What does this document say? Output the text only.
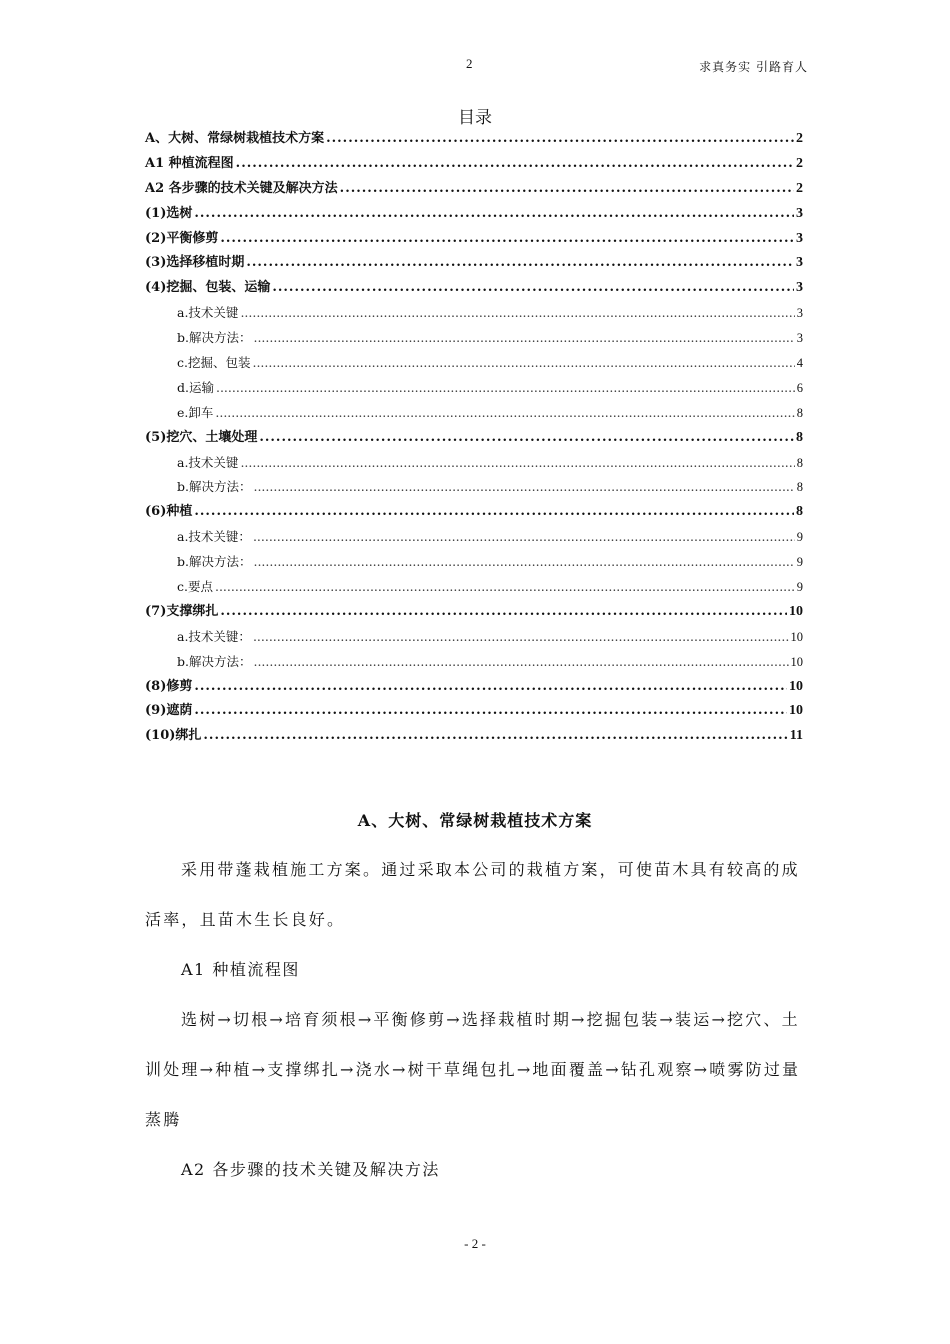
2	求真务实 引路育人
目录
A、大树、常绿树栽植技术方案 .....	2
A1 种植流程图 .....	2
A2 各步骤的技术关键及解决方法 .....	2
(1)选树 .....	3
(2)平衡修剪 .....	3
(3)选择移植时期 .....	3
(4)挖掘、包装、运输 .....	3
a.技术关键 .....	3
b.解决方法： .....	3
c.挖掘、包装 .....	4
d.运输 .....	6
e.卸车 .....	8
(5)挖穴、土壤处理 .....	8
a.技术关键 .....	8
b.解决方法： .....	8
(6)种植 .....	8
a.技术关键： .....	9
b.解决方法： .....	9
c.要点 .....	9
(7)支撑绑扎 .....	10
a.技术关键： .....	10
b.解决方法： .....	10
(8)修剪 .....	10
(9)遮荫 .....	10
(10)绑扎 .....	11
A、大树、常绿树栽植技术方案
采用带蓬栽植施工方案。通过采取本公司的栽植方案，可使苗木具有较高的成活率，且苗木生长良好。
A1 种植流程图
选树→切根→培育须根→平衡修剪→选择栽植时期→挖掘包装→装运→挖穴、土训处理→种植→支撑绑扎→浇水→树干草绳包扎→地面覆盖→钻孔观察→喷雾防过量蒸腾
A2 各步骤的技术关键及解决方法
- 2 -
